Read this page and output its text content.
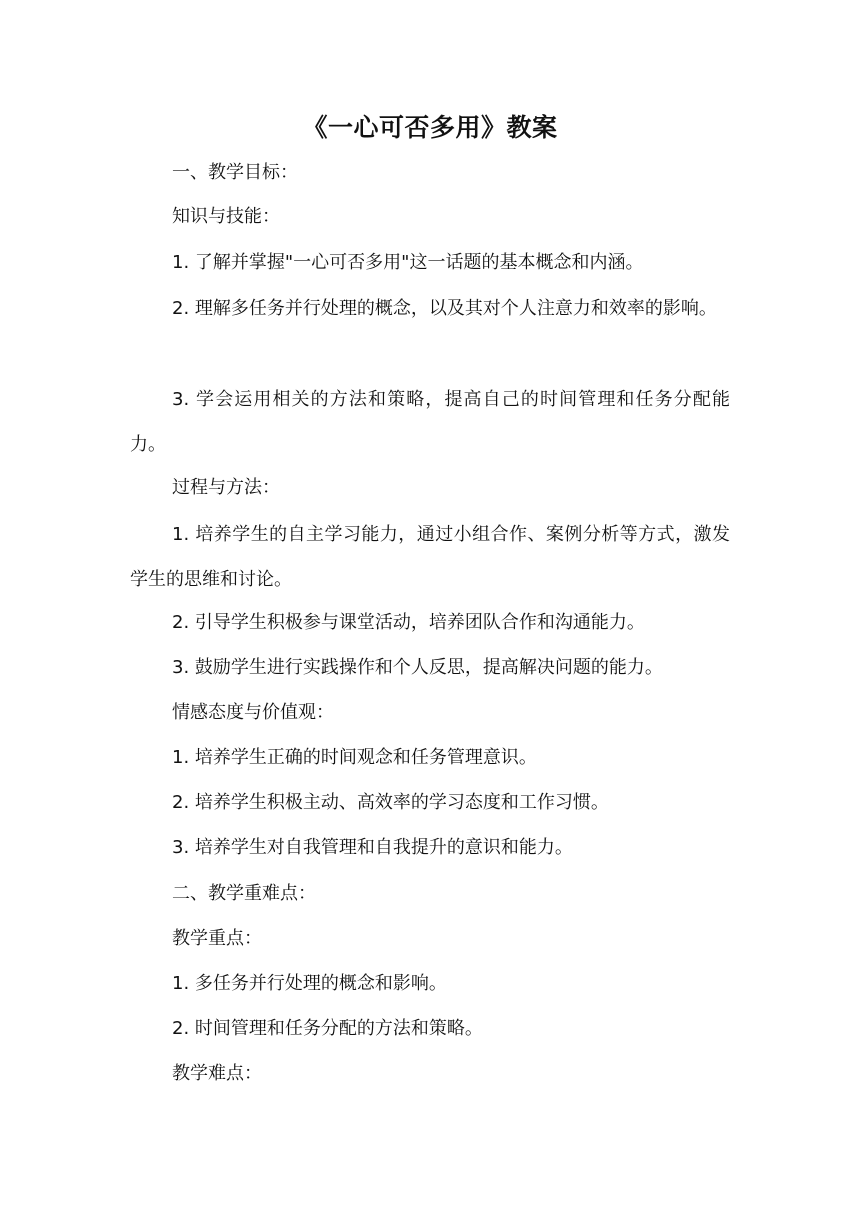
《一心可否多用》教案
一、教学目标：
知识与技能：
1. 了解并掌握"一心可否多用"这一话题的基本概念和内涵。
2. 理解多任务并行处理的概念，以及其对个人注意力和效率的影响。
3. 学会运用相关的方法和策略，提高自己的时间管理和任务分配能力。
过程与方法：
1. 培养学生的自主学习能力，通过小组合作、案例分析等方式，激发学生的思维和讨论。
2. 引导学生积极参与课堂活动，培养团队合作和沟通能力。
3. 鼓励学生进行实践操作和个人反思，提高解决问题的能力。
情感态度与价值观：
1. 培养学生正确的时间观念和任务管理意识。
2. 培养学生积极主动、高效率的学习态度和工作习惯。
3. 培养学生对自我管理和自我提升的意识和能力。
二、教学重难点：
教学重点：
1. 多任务并行处理的概念和影响。
2. 时间管理和任务分配的方法和策略。
教学难点：
